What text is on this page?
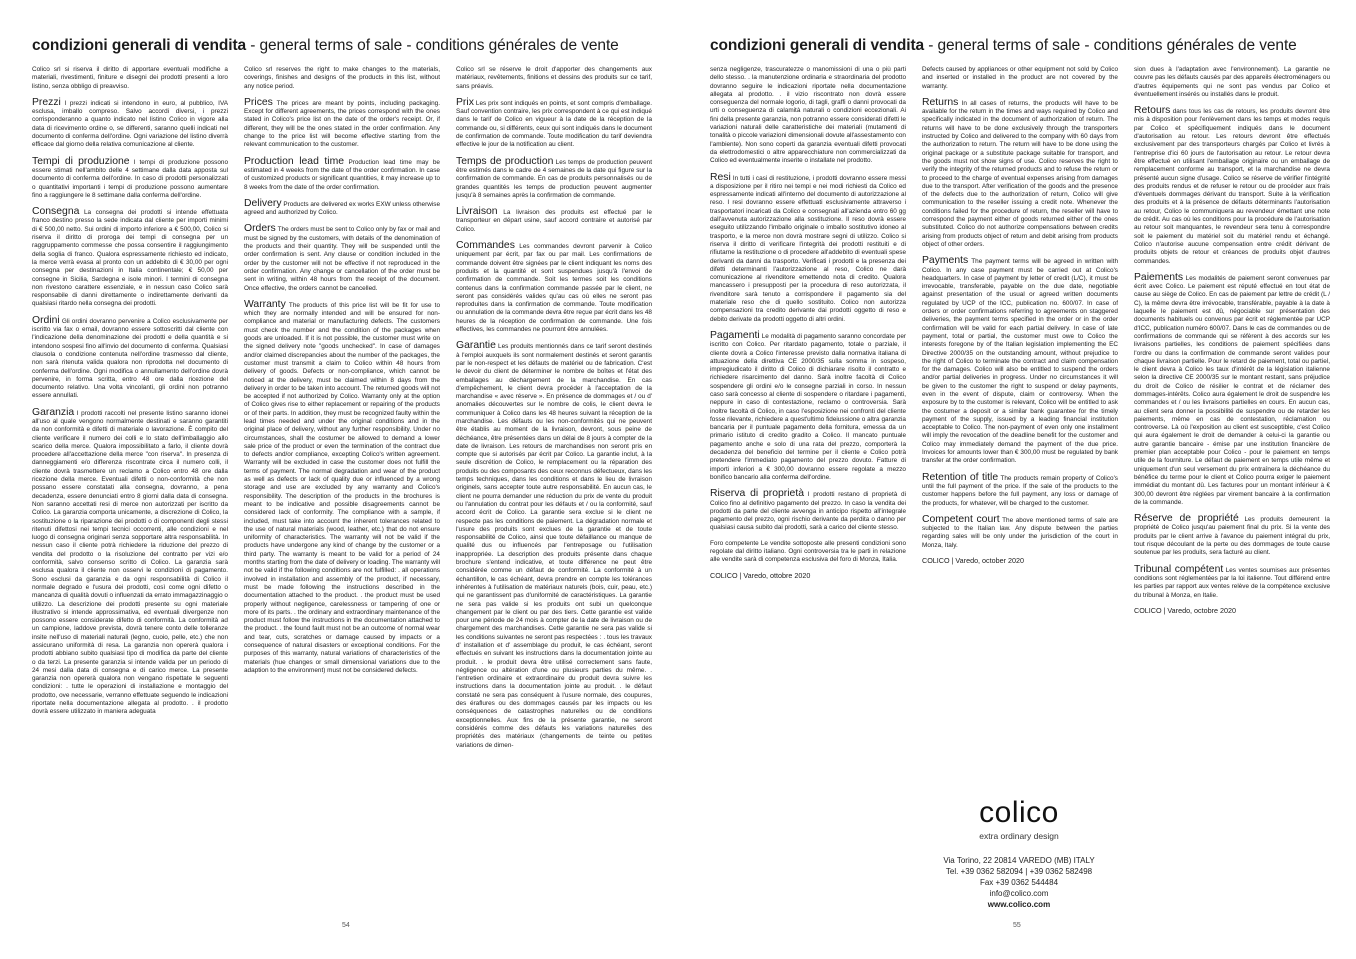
condizioni generali di vendita - general terms of sale - conditions générales de vente

Colico srl si riserva il diritto di apportare eventuali modifiche a materiali, rivestimenti, finiture e disegni dei prodotti presenti a loro listino, senza obbligo di preavviso.

Prezzi I prezzi indicati si intendono in euro, al pubblico, IVA esclusa, imballo compreso. Salvo accordi diversi, i prezzi corrisponderanno a quanto indicato nel listino Colico in vigore alla data di ricevimento ordine o, se differenti, saranno quelli indicati nel documento di conferma dell'ordine. Ogni variazione del listino diverrà efficace dal giorno della relativa comunicazione al cliente.

Tempi di produzione I tempi di produzione possono essere stimati nell'ambito delle 4 settimane dalla data apposta sul documento di conferma dell'ordine. In caso di prodotti personalizzati o quantitativi importanti i tempi di produzione possono aumentare fino a raggiungere le 8 settimane dalla conferma dell'ordine.

Consegna La consegna dei prodotti si intende effettuata franco destino presso la sede indicata dal cliente per importi minimi di € 500,00 netto. Sui ordini di importo inferiore a € 500,00, Colico si riserva il diritto di proroga dei tempi di consegna per un raggruppamento commesse che possa consentire il raggiungimento della soglia di franco. Qualora espressamente richiesto ed indicato, la merce verrà evasa al pronto con un addebito di € 30,00 per ogni consegna per destinazioni in Italia continentale; € 50,00 per consegne in Sicilia, Sardegna e isole minori. I termini di consegna non rivestono carattere essenziale, e in nessun caso Colico sarà responsabile di danni direttamente o indirettamente derivanti da qualsiasi ritardo nella consegna dei prodotti.

Ordini Gli ordini dovranno pervenire a Colico esclusivamente per iscritto via fax o email, dovranno essere sottoscritti dal cliente con l'indicazione della denominazione dei prodotti e della quantità e si intendono sospesi fino all'invio del documento di conferma. Qualsiasi clausola o condizione contenuta nell'ordine trasmesso dal cliente, non sarà ritenuta valida qualora non riprodotta nel documento di conferma dell'ordine. Ogni modifica o annullamento dell'ordine dovrà pervenire, in forma scritta, entro 48 ore dalla ricezione del documento relativo. Una volta vincolanti, gli ordini non potranno essere annullati.

Garanzia I prodotti raccolti nel presente listino saranno idonei all'uso al quale vengono normalmente destinati e saranno garantiti da non conformità e difetti di materiale o lavorazione. È compito del cliente verificare il numero dei colli e lo stato dell'imballaggio allo scarico della merce. Qualora impossibilitato a farlo, il cliente dovrà procedere all'accettazione della merce "con riserva". In presenza di danneggiamenti e/o differenza riscontrate circa il numero colli, il cliente dovrà trasmettere un reclamo a Colico entro 48 ore dalla ricezione della merce. Eventuali difetti o non-conformità che non possano essere constatati alla consegna, dovranno, a pena decadenza, essere denunciati entro 8 giorni dalla data di consegna. Non saranno accettati resi di merce non autorizzati per iscritto da Colico. La garanzia comporta unicamente, a discrezione di Colico, la sostituzione o la riparazione dei prodotti o di componenti degli stessi ritenuti difettosi nei tempi tecnici occorrenti, alle condizioni e nel luogo di consegna originari senza sopportare altra responsabilità. In nessun caso il cliente potrà richiedere la riduzione del prezzo di vendita del prodotto o la risoluzione del contratto per vizi e/o conformità, salvo consenso scritto di Colico. La garanzia sarà esclusa qualora il cliente non osservi le condizioni di pagamento. Sono esclusi da garanzia e da ogni responsabilità di Colico il normale degrado e l'usura dei prodotti, così come ogni difetto o mancanza di qualità dovuti o influenzati da errato immagazzinaggio o utilizzo. La descrizione dei prodotti presente su ogni materiale illustrativo si intende approssimativa, ed eventuali divergenze non possono essere considerate difetto di conformità. La conformità ad un campione, laddove prevista, dovrà tenere conto delle tolleranze insite nell'uso di materiali naturali (legno, cuoio, pelle, etc.) che non assicurano uniformità di resa. La garanzia non opererà qualora i prodotti abbiano subito qualsiasi tipo di modifica da parte del cliente o da terzi. La presente garanzia si intende valida per un periodo di 24 mesi dalla data di consegna e di carico merce. La presente garanzia non opererà qualora non vengano rispettate le seguenti condizioni: . tutte le operazioni di installazione e montaggio del prodotto, ove necessarie, verranno effettuate seguendo le indicazioni riportate nella documentazione allegata al prodotto. . il prodotto dovrà essere utilizzato in maniera adeguata

Colico srl reserves the right to make changes to the materials, coverings, finishes and designs of the products in this list, without any notice period.

Prices The prices are meant by points, including packaging. Except for different agreements, the prices correspond with the ones stated in Colico's price list on the date of the order's receipt. Or, if different, they will be the ones stated in the order confirmation. Any change to the price list will become effective starting from the relevant communication to the customer.

Production lead time Production lead time may be estimated in 4 weeks from the date of the order confirmation. In case of customized products or significant quantities, it may increase up to 8 weeks from the date of the order confirmation.

Delivery Products are delivered ex works EXW unless otherwise agreed and authorized by Colico.

Orders The orders must be sent to Colico only by fax or mail and must be signed by the customers, with details of the denomination of the products and their quantity. They will be suspended until the order confirmation is sent. Any clause or condition included in the order by the customer will not be effective if not reproduced in the order confirmation. Any change or cancellation of the order must be sent in writing, within 48 hours from the receipt of the document. Once effective, the orders cannot be cancelled.

Warranty The products of this price list will be fit for use to which they are normally intended and will be ensured for non-compliance and material or manufacturing defects. The customers must check the number and the condition of the packages when goods are unloaded. If it is not possible, the customer must write on the signed delivery note "goods unchecked". In case of damages and/or claimed discrepancies about the number of the packages, the customer must transmit a claim to Colico within 48 hours from delivery of goods. Defects or non-compliance, which cannot be noticed at the delivery, must be claimed within 8 days from the delivery in order to be taken into account. The returned goods will not be accepted if not authorized by Colico. Warranty only at the option of Colico gives rise to either replacement or repairing of the products or of their parts. In addition, they must be recognized faulty within the lead times needed and under the original conditions and in the original place of delivery, without any further responsibility. Under no circumstances, shall the costumer be allowed to demand a lower sale price of the product or even the termination of the contract due to defects and/or compliance, excepting Colico's written agreement. Warranty will be excluded in case the customer does not fulfill the terms of payment. The normal degradation and wear of the product as well as defects or lack of quality due or influenced by a wrong storage and use are excluded by any warranty and Colico's responsibility. The description of the products in the brochures is meant to be indicative and possible disagreements cannot be considered lack of conformity. The compliance with a sample, if included, must take into account the inherent tolerances related to the use of natural materials (wood, leather, etc.) that do not ensure uniformity of characteristics. The warranty will not be valid if the products have undergone any kind of change by the customer or a third party. The warranty is meant to be valid for a period of 24 months starting from the date of delivery or loading. The warranty will not be valid if the following conditions are not fulfilled: . all operations involved in installation and assembly of the product, if necessary, must be made following the instructions described in the documentation attached to the product. . the product must be used properly without negligence, carelessness or tampering of one or more of its parts. . the ordinary and extraordinary maintenance of the product must follow the instructions in the documentation attached to the product. . the found fault must not be an outcome of normal wear and tear, cuts, scratches or damage caused by impacts or a consequence of natural disasters or exceptional conditions. For the purposes of this warranty, natural variations of characteristics of the materials (hue changes or small dimensional variations due to the adaption to the environment) must not be considered defects.

Colico srl se réserve le droit d'apporter des changements aux matériaux, revêtements, finitions et dessins des produits sur ce tarif, sans préavis.

Prix Les prix sont indiqués en points, et sont compris d'emballage. Sauf convention contraire, les prix correspondent à ce qui est indiqué dans le tarif de Colico en vigueur à la date de la réception de la commande ou, si différents, ceux qui sont indiqués dans le document de confirmation de commande. Toute modification du tarif deviendra effective le jour de la notification au client.

Temps de production Les temps de production peuvent être estimés dans le cadre de 4 semaines de la date qui figure sur la confirmation de commande. En cas de produits personnalisés ou de grandes quantités les temps de production peuvent augmenter jusqu'à 8 semaines après la confirmation de commande.

Livraison La livraison des produits est effectué par le transporteur en départ usine, sauf accord contraire et autorisé par Colico.

Commandes Les commandes devront parvenir à Colico uniquement par écrit, par fax ou par mail. Les confirmations de commande doivent être signées par le client indiquant les noms des produits et la quantité et sont suspendues jusqu'à l'envoi de confirmation de commande. Soit les termes soit les conditions contenus dans la confirmation commande passée par le client, ne seront pas considérés valides qu'au cas où elles ne seront pas reproduites dans la confirmation de commande. Toute modification ou annulation de la commande devra être reçue par écrit dans les 48 heures de la réception de confirmation de commande. Une fois effectives, les commandes ne pourront être annulées.

Garantie Les produits mentionnés dans ce tarif seront destinés à l'emploi auxquels ils sont normalement destinés et seront garantis par le non-respect et les défauts de matériel ou de fabrication. C'est le devoir du client de déterminer le nombre de boîtes et l'état des emballages au déchargement de la marchandise. En cas d'empêchement, le client devra procéder à l'acceptation de la marchandise « avec réserve ». En présence de dommages et / ou d' anomalies découvertes sur le nombre de colis, le client devra le communiquer à Colico dans les 48 heures suivant la réception de la marchandise. Les défauts ou les non-conformités qui ne peuvent être établis au moment de la livraison, devront, sous peine de déchéance, être présentées dans un délai de 8 jours à compter de la date de livraison. Les retours de marchandises non seront pris en compte que si autorisés par écrit par Colico. La garantie inclut, à la seule discrétion de Colico, le remplacement ou la réparation des produits ou des composants des ceux reconnus défectueux, dans les temps techniques, dans les conditions et dans le lieu de livraison originels, sans accepter toute autre responsabilité. En aucun cas, le client ne pourra demander une réduction du prix de vente du produit ou l'annulation du contrat pour les défauts et / ou la conformité, sauf accord écrit de Colico. La garantie sera exclue si le client ne respecte pas les conditions de paiement. La dégradation normale et l'usure des produits sont exclues de la garantie et de toute responsabilité de Colico, ainsi que toute défaillance ou manque de qualité dus ou influencés par l'entreposage ou l'utilisation inappropriée. La description des produits présente dans chaque brochure s'entend indicative, et toute différence ne peut être considérée comme un défaut de conformité. La conformité à un échantillon, le cas échéant, devra prendre en compte les tolérances inhérentes à l'utilisation de matériaux naturels (bois, cuir, peau, etc.) qui ne garantissent pas d'uniformité de caractéristiques. La garantie ne sera pas valide si les produits ont subi un quelconque changement par le client ou par des tiers. Cette garantie est valide pour une période de 24 mois à compter de la date de livraison ou de chargement des marchandises. Cette garantie ne sera pas valide si les conditions suivantes ne seront pas respectées : . tous les travaux d' installation et d' assemblage du produit, le cas échéant, seront effectués en suivant les instructions dans la documentation jointe au produit. . le produit devra être utilisé correctement sans faute, négligence ou altération d'une ou plusieurs parties du même. . l'entretien ordinaire et extraordinaire du produit devra suivre les instructions dans la documentation jointe au produit. . le défaut constaté ne sera pas conséquent à l'usure normale, des coupures, des éraflures ou des dommages causés par les impacts ou les conséquences de catastrophes naturelles ou de conditions exceptionnelles. Aux fins de la présente garantie, ne seront considérés comme des défauts les variations naturelles des propriétés des matériaux (changements de teinte ou petites variations de dimen-

54
condizioni generali di vendita - general terms of sale - conditions générales de vente

senza negligenze, trascuratezze o manomissioni di una o più parti dello stesso. . la manutenzione ordinaria e straordinaria del prodotto dovranno seguire le indicazioni riportate nella documentazione allegata al prodotto. . il vizio riscontrato non dovrà essere conseguenza del normale logorio, di tagli, graffi o danni provocati da urti o conseguenza di calamità naturali o condizioni eccezionali. Ai fini della presente garanzia, non potranno essere considerati difetti le variazioni naturali delle caratteristiche dei materiali (mutamenti di tonalità o piccole variazioni dimensionali dovute all'assestamento con l'ambiente). Non sono coperti da garanzia eventuali difetti provocati da elettrodomestici o altre apparecchiature non commercializzati da Colico ed eventualmente inserite o installate nel prodotto.

Resi In tutti i casi di restituzione, i prodotti dovranno essere messi a disposizione per il ritiro nei tempi e nei modi richiesti da Colico ed espressamente indicati all'interno del documento di autorizzazione al reso. I resi dovranno essere effettuati esclusivamente attraverso i trasportatori incaricati da Colico e consegnati all'azienda entro 60 gg dall'avvenuta autorizzazione alla sostituzione. Il reso dovrà essere eseguito utilizzando l'imballo originale o imballo sostitutivo idoneo al trasporto, e la merce non dovrà mostrare segni di utilizzo. Colico si riserva il diritto di verificare l'integrità dei prodotti restituiti e di rifiutarne la restituzione o di procedere all'addebito di eventuali spese derivanti da danni da trasporto. Verificati i prodotti e la presenza dei difetti determinanti l'autorizzazione al reso, Colico ne darà comunicazione al rivenditore emettendo nota di credito. Qualora mancassero i presupposti per la procedura di reso autorizzata, il rivenditore sarà tenuto a corrispondere il pagamento sia del materiale reso che di quello sostituito. Colico non autorizza compensazioni tra credito derivante dai prodotti oggetto di reso e debito derivate da prodotti oggetto di altri ordini.

Pagamenti Le modalità di pagamento saranno concordate per iscritto con Colico. Per ritardato pagamento, totale o parziale, il cliente dovrà a Colico l'interesse previsto dalla normativa italiana di attuazione della direttiva CE 2000/35 sulla somma in sospeso, impregiudicato il diritto di Colico di dichiarare risolto il contratto e richiedere risarcimento del danno. Sarà inoltre facoltà di Colico sospendere gli ordini e/o le consegne parziali in corso. In nessun caso sarà concesso al cliente di sospendere o ritardare i pagamenti, neppure in caso di contestazione, reclamo o controversia. Sarà inoltre facoltà di Colico, in caso l'esposizione nei confronti del cliente fosse rilevante, richiedere a quest'ultimo fideiussione o altra garanzia bancaria per il puntuale pagamento della fornitura, emessa da un primario istituto di credito gradito a Colico. Il mancato puntuale pagamento anche e solo di una rata del prezzo, comporterà la decadenza del beneficio del termine per il cliente e Colico potrà pretendere l'immediato pagamento del prezzo dovuto. Fatture di importi inferiori a € 300,00 dovranno essere regolate a mezzo bonifico bancario alla conferma dell'ordine.

Riserva di proprietà I prodotti restano di proprietà di Colico fino al definitivo pagamento del prezzo. In caso la vendita dei prodotti da parte del cliente avvenga in anticipo rispetto all'integrale pagamento del prezzo, ogni rischio derivante da perdita o danno per qualsiasi causa subito dai prodotti, sarà a carico del cliente stesso.

Foro competente Le vendite sottoposte alle presenti condizioni sono regolate dal diritto italiano. Ogni controversia tra le parti in relazione alle vendite sarà di competenza esclusiva del foro di Monza, Italia.

COLICO | Varedo, ottobre 2020

Defects caused by appliances or other equipment not sold by Colico and inserted or installed in the product are not covered by the warranty.

Returns In all cases of returns, the products will have to be available for the return in the times and ways required by Colico and specifically indicated in the document of authorization of return. The returns will have to be done exclusively through the transporters instructed by Colico and delivered to the company with 60 days from the authorization to return. The return will have to be done using the original package or a substitute package suitable for transport, and the goods must not show signs of use. Colico reserves the right to verify the integrity of the returned products and to refuse the return or to proceed to the charge of eventual expenses arising from damages due to the transport. After verification of the goods and the presence of the defects due to the authorization of return, Colico will give communication to the reseller issuing a credit note. Whenever the conditions failed for the procedure of return, the reseller will have to correspond the payment either of goods returned either of the ones substituted. Colico do not authorize compensations between credits arising from products object of return and debit arising from products object of other orders.

Payments The payment terms will be agreed in written with Colico. In any case payment must be carried out at Colico's headquarters. In case of payment by letter of credit (L/C), it must be irrevocable, transferable, payable on the due date, negotiable against presentation of the usual or agreed written documents regulated by UCP of the ICC, publication no. 600/07. In case of orders or order confirmations referring to agreements on staggered deliveries, the payment terms specified in the order or in the order confirmation will be valid for each partial delivery. In case of late payment, total or partial, the customer must owe to Colico the interests foregone by of the Italian legislation implementing the EC Directive 2000/35 on the outstanding amount, without prejudice to the right of Colico to terminate the contract and claim compensation for the damages. Colico will also be entitled to suspend the orders and/or partial deliveries in progress. Under no circumstances it will be given to the customer the right to suspend or delay payments, even in the event of dispute, claim or controversy. When the exposure by to the customer is relevant, Colico will be entitled to ask the costumer a deposit or a similar bank guarantee for the timely payment of the supply, issued by a leading financial institution acceptable to Colico. The non-payment of even only one installment will imply the revocation of the deadline benefit for the customer and Colico may immediately demand the payment of the due price. Invoices for amounts lower than € 300,00 must be regulated by bank transfer at the order confirmation.

Retention of title The products remain property of Colico's until the full payment of the price. If the sale of the products to the customer happens before the full payment, any loss or damage of the products, for whatever, will be charged to the customer.

Competent court The above mentioned terms of sale are subjected to the Italian law. Any dispute between the parties regarding sales will be only under the jurisdiction of the court in Monza, Italy.

COLICO | Varedo, october 2020

sion dues à l'adaptation avec l'environnement). La garantie ne couvre pas les défauts causés par des appareils électroménagers ou d'autres équipements qui ne sont pas vendus par Colico et éventuellement insérés ou installés dans le produit.

Retours dans tous les cas de retours, les produits devront être mis à disposition pour l'enlèvement dans les temps et modes requis par Colico et spécifiquement indiqués dans le document d'autorisation au retour. Les retours devront être effectués exclusivement par des transporteurs chargés par Colico et livrés à l'entreprise d'ici 60 jours de l'autorisation au retour. Le retour devra être effectué en utilisant l'emballage originaire ou un emballage de remplacement conforme au transport, et la marchandise ne devra présenté aucun signe d'usage. Colico se réserve de vérifier l'intégrité des produits rendus et de refuser le retour ou de procéder aux frais d'éventuels dommages dérivant du transport. Suite à la vérification des produits et à la présence de défauts déterminants l'autorisation au retour, Colico le communiquera au revendeur émettant une note de crédit. Au cas où les conditions pour la procédure de l'autorisation au retour soit manquantes, le revendeur sera tenu à correspondre soit le paiement du matériel soit du matériel rendu et échangé. Colico n'autorise aucune compensation entre crédit dérivant de produits objets de retour et créances de produits objet d'autres commandes.

Paiements Les modalités de paiement seront convenues par écrit avec Colico. Le paiement est réputé effectué en tout état de cause au siège de Colico. En cas de paiement par lettre de crédit (L / C), la même devra être irrévocable, transférable, payable à la date à laquelle le paiement est dû, négociable sur présentation des documents habituels ou convenus par écrit et réglementée par UCP d'ICC, publication numéro 600/07. Dans le cas de commandes ou de confirmations de commande qui se réfèrent à des accords sur les livraisons partielles, les conditions de paiement spécifiées dans l'ordre ou dans la confirmation de commande seront valides pour chaque livraison partielle. Pour le retard de paiement, total ou partiel, le client devra à Colico les taux d'intérêt de la législation italienne selon la directive CE 2000/35 sur le montant restant, sans préjudice du droit de Colico de résilier le contrat et de réclamer des dommages-intérêts. Colico aura également le droit de suspendre les commandes et / ou les livraisons partielles en cours. En aucun cas, au client sera donner la possibilité de suspendre ou de retarder les paiements, même en cas de contestation, réclamation ou controverse. Là où l'exposition au client est susceptible, c'est Colico qui aura également le droit de demander à celui-ci la garantie ou autre garantie bancaire - émise par une institution financière de premier plan acceptable pour Colico - pour le paiement en temps utile de la fourniture. Le défaut de paiement en temps utile même et uniquement d'un seul versement du prix entraînera la déchéance du bénéfice du terme pour le client et Colico pourra exiger le paiement immédiat du montant dû. Les factures pour un montant inférieur à € 300,00 devront être réglées par virement bancaire à la confirmation de la commande.

Réserve de propriété Les produits demeurent la propriété de Colico jusqu'au paiement final du prix. Si la vente des produits par le client arrive à l'avance du paiement intégral du prix, tout risque découlant de la perte ou des dommages de toute cause soutenue par les produits, sera facturé au client.

Tribunal compétent Les ventes soumises aux présentes conditions sont réglementées par la loi italienne. Tout différend entre les parties par rapport aux ventes relève de la compétence exclusive du tribunal à Monza, en Italie.

COLICO | Varedo, octobre 2020
colico
extra ordinary design
Via Torino, 22 20814 VAREDO (MB) ITALY
Tel. +39 0362 582094 | +39 0362 582498
Fax +39 0362 544484
info@colico.com
www.colico.com
55
